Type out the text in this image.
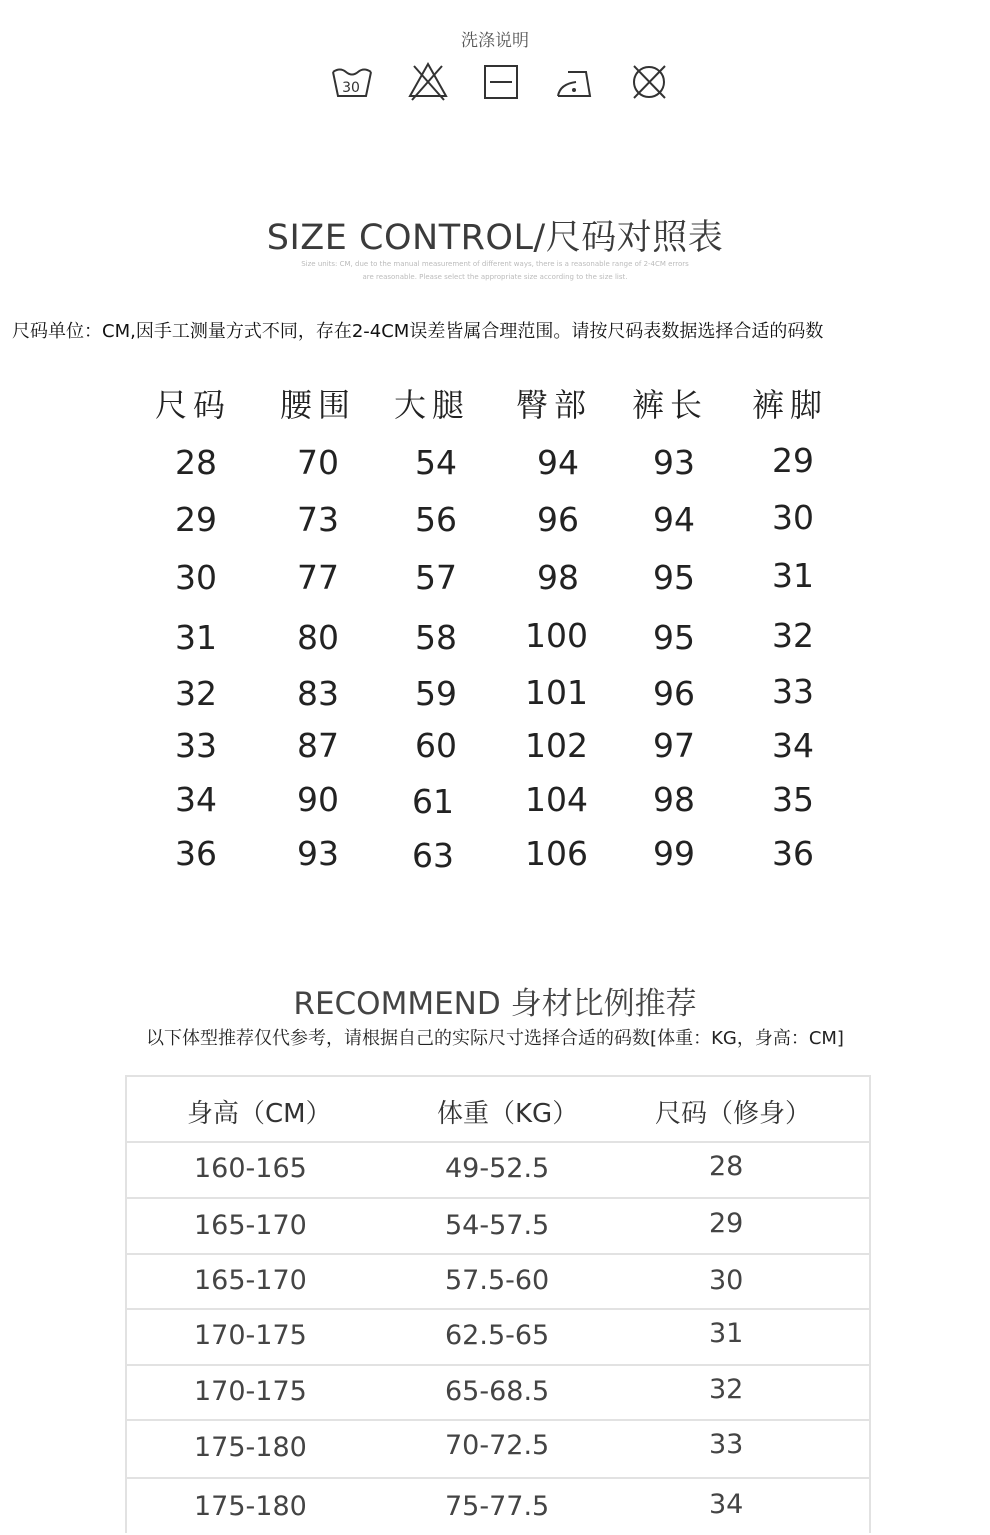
洗涤说明
30
SIZE CONTROL/尺码对照表
Size units: CM, due to the manual measurement of different ways, there is a reasonable range of 2-4CM errors
are reasonable. Please select the appropriate size according to the size list.
尺码单位：CM,因手工测量方式不同，存在2-4CM误差皆属合理范围。请按尺码表数据选择合适的码数
尺码 腰围 大腿 臀部 裤长 裤脚
28 70 54 94 93 29
29 73 56 96 94 30
30 77 57 98 95 31
31 80 58 100 95 32
32 83 59 101 96 33
33 87 60 102 97 34
34 90 61 104 98 35
36 93 63 106 99 36
RECOMMEND 身材比例推荐
以下体型推荐仅代参考，请根据自己的实际尺寸选择合适的码数[体重：KG，身高：CM]
身高（CM）	体重（KG）	尺码（修身）
160-165	49-52.5	28
165-170	54-57.5	29
165-170	57.5-60	30
170-175	62.5-65	31
170-175	65-68.5	32
175-180	70-72.5	33
175-180	75-77.5	34
